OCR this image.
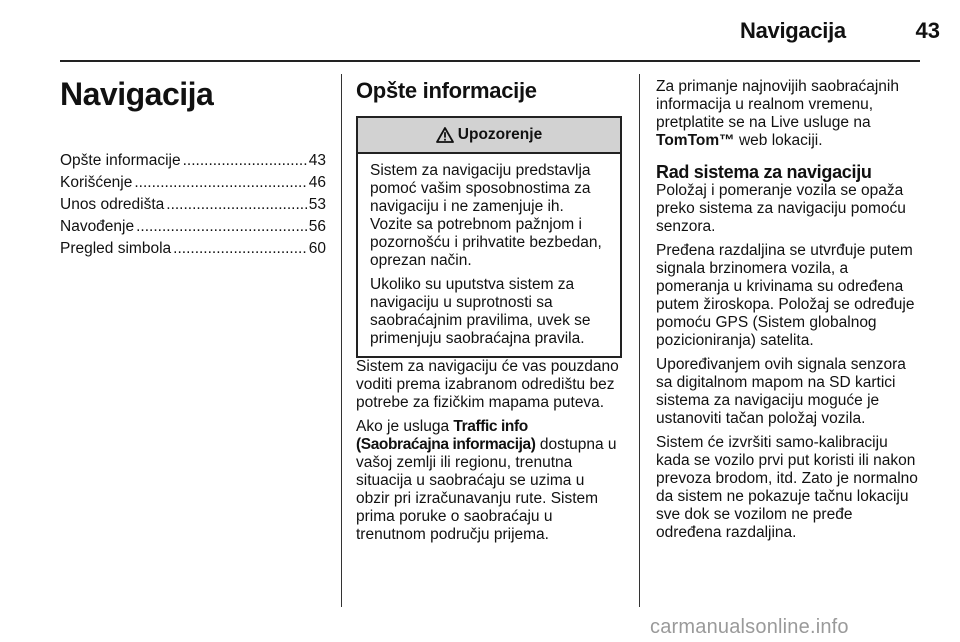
Navigacija	43
Navigacija
Opšte informacije .....	43
Korišćenje .....	46
Unos odredišta .....	53
Navođenje .....	56
Pregled simbola .....	60
Opšte informacije
Upozorenje

Sistem za navigaciju predstavlja pomoć vašim sposobnostima za navigaciju i ne zamenjuje ih. Vozite sa potrebnom pažnjom i pozornošću i prihvatite bezbedan, oprezan način.

Ukoliko su uputstva sistem za navigaciju u suprotnosti sa saobraćajnim pravilima, uvek se primenjuju saobraćajna pravila.

Sistem za navigaciju će vas pouzdano voditi prema izabranom odredištu bez potrebe za fizičkim mapama puteva.

Ako je usluga Traffic info (Saobraćajna informacija) dostupna u vašoj zemlji ili regionu, trenutna situacija u saobraćaju se uzima u obzir pri izračunavanju rute. Sistem prima poruke o saobraćaju u trenutnom području prijema.

Za primanje najnovijih saobraćajnih informacija u realnom vremenu, pretplatite se na Live usluge na TomTom™ web lokaciji.

Rad sistema za navigaciju

Položaj i pomeranje vozila se opaža preko sistema za navigaciju pomoću senzora.

Pređena razdaljina se utvrđuje putem signala brzinomera vozila, a pomeranja u krivinama su određena putem žiroskopa. Položaj se određuje pomoću GPS (Sistem globalnog pozicioniranja) satelita.

Upoređivanjem ovih signala senzora sa digitalnom mapom na SD kartici sistema za navigaciju moguće je ustanoviti tačan položaj vozila.

Sistem će izvršiti samo-kalibraciju kada se vozilo prvi put koristi ili nakon prevoza brodom, itd. Zato je normalno da sistem ne pokazuje tačnu lokaciju sve dok se vozilom ne pređe određena razdaljina.

carmanualsonline.info
